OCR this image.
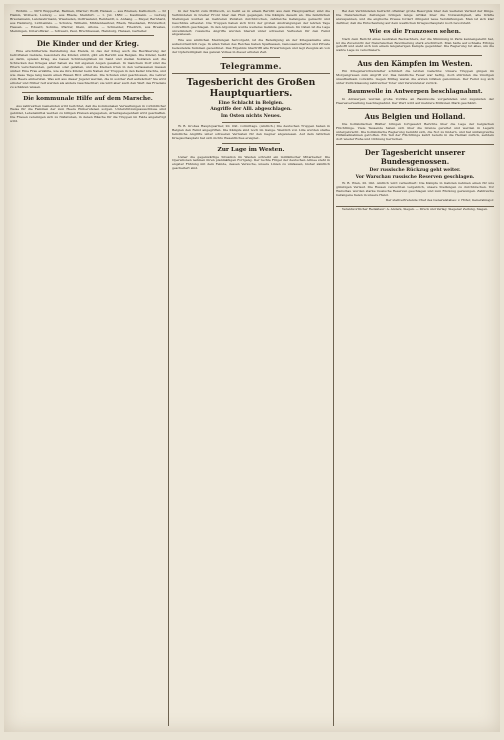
Wöhrm. — 3970 Wuppertal, Barmen, Pfarrer; Wolff, Hansen — aus Bremen, Katholisch. — 32 Hamm, Wolbeck, Ludwig — aus Rhade, Steinfurt. — 1. Jul. 1880 — Kaufmann. — Ludwig Braunsmann, Landwehrmann, Wiesbaden, Ostfriesland, Reinhardt, u. Anhang. — Meyer, Bernhard, aus Hamburg, Lichtenfels. — Schulze, Wilhelm, Mühlenbesitzer, Rhein, Wiesbaden, Hörsterhof, Hessen. — Eduard, Sohnke, Pfarrer, Klein, Altona. — Schneider, Friedrich, aus Breslau, Meiningen, Unteroffizier. — Schwarz, Paul, Bruchhausen, Hamburg, Hansen, Gefreiter.

Die Kinder und der Krieg.

Eine erschütternde Darstellung des Elends, in das der Krieg auch die Bevölkerung der betroffenen Gebiete, besonders die Kinder, stürzt, gibt ein Bericht aus Belgien. Die Kinder, heißt es darin, spielen Krieg, sie bauen Schützengräben im Sand und stellen Soldaten auf; die Schrecken des Krieges aber haben sie mit eigenen Augen gesehen. In manchem Dorf sind die Eltern verschwunden, geflohen oder gefallen, und die Kleinen irren in den verlassenen Gassen umher. Eine Frau erzählte, wie sie ihre Kinder beim Nahen der Truppen in den Keller brachte, und wie diese Tage lang kaum einen Bissen Brot erhielten. Die Schulen sind geschlossen, die Lehrer zum Heere einberufen. Was soll aus dieser Jugend werden, die in solcher Zeit aufwächst? Sie wird ernster und früher reif werden als andere Geschlechter; sie wird aber auch den Wert des Friedens zu schätzen wissen.

Die kommunale Hilfe auf dem Marsche.

Aus zahlreichen Gemeinden wird berichtet, daß die kommunalen Verwaltungen in vorbildlicher Weise für die Familien der zum Heere Einberufenen sorgen. Unterstützungsausschüsse sind gebildet, Lebensmittel werden zu billigen Preisen abgegeben, Arbeitsgelegenheit wird geschaffen. Die Frauen vereinigen sich zu Nähstuben, in denen Wäsche für die Truppen im Felde angefertigt wird.

In der Nacht zum Mittwoch, so heißt es in einem Bericht aus dem Hauptquartier, sind die Verbündeten in breiter Front über den Fluß gegangen. Die Kämpfe dauern an. Die feindlichen Stellungen wurden an mehreren Punkten durchbrochen, zahlreiche Gefangene gemacht und Geschütze erbeutet. Die Truppen haben sich trotz der großen Anstrengungen der letzten Tage vortrefflich geschlagen. In den Argonnen wurde weiteres Gelände gewonnen. Im Osten ist die Lage unverändert; russische Angriffe wurden überall unter schweren Verlusten für den Feind abgewiesen.

Wie aus amtlichen Meldungen hervorgeht, ist die Beteiligung an der Kriegsanleihe eine außerordentlich rege. In allen Teilen des Reiches haben Sparkassen, Genossenschaften und Private bedeutende Summen gezeichnet. Das Ergebnis übertrifft alle Erwartungen und legt Zeugnis ab von der Opferwilligkeit des ganzen Volkes in dieser ernsten Zeit.

Telegramme.
Tagesbericht des Großen Hauptquartiers.
Eine Schlacht in Belgien.
Angriffe der Alli. abgeschlagen.
Im Osten nichts Neues.

W. B. Großes Hauptquartier, 20. Okt. vormittags. (Amtlich.) Die deutschen Truppen haben in Belgien den Feind angegriffen. Die Kämpfe sind noch im Gange. Westlich von Lille wurden starke feindliche Angriffe unter schweren Verlusten für den Gegner abgewiesen. Auf dem östlichen Kriegsschauplatz hat sich nichts Wesentliches ereignet.

Zur Lage im Westen.

Ueber die gegenwärtige Situation im Westen schreibt ein militärischer Mitarbeiter: Die Operationen nehmen ihren planmäßigen Fortgang. Der rechte Flügel der deutschen Armee steht in engster Fühlung mit dem Feinde, dessen Versuche, unsere Linien zu umfassen, bisher sämtlich gescheitert sind.

Bei den Verbündeten herrscht offenbar große Besorgnis über den weiteren Verlauf der Dinge. Die französischen Zeitungen bringen lange Artikel über die Notwendigkeit, alle Kräfte anzuspannen, und die englische Presse fordert dringend neue Verstärkungen. Man ist sich klar darüber, daß die Entscheidung auf dem westlichen Kriegsschauplatz noch bevorsteht.

Wie es die Franzosen sehen.

Nach dem Bericht eines neutralen Beobachters, der die Stimmung in Paris kennengelernt hat, ist die Zuversicht der französischen Bevölkerung stark erschüttert. Man hatte auf schnelle Erfolge gehofft und sieht sich nun einem langwierigen Kampfe gegenüber. Die Regierung tut alles, um die wahre Lage zu verschleiern.

Aus den Kämpfen im Westen.

Ein Kriegsberichterstatter schildert die letzten Gefechte: Unsere Truppen gingen im Morgengrauen zum Angriff vor. Das feindliche Feuer war heftig, doch stürmten die Unsrigen unaufhaltsam vorwärts. Gegen Mittag waren die ersten Gräben genommen. Der Feind zog sich unter Zurücklassung zahlreicher Toter und Verwundeter zurück.

Baumwolle in Antwerpen beschlagnahmt.

In Antwerpen wurden große Vorräte an Baumwolle vorgefunden und zugunsten der Heeresverwaltung beschlagnahmt. Der Wert wird auf mehrere Millionen Mark geschätzt.

Aus Belgien und Holland.

Die holländischen Blätter bringen fortgesetzt Berichte über die Lage der belgischen Flüchtlinge. Viele Tausende haben sich über die Grenze gerettet und werden in Lagern untergebracht. Die holländische Regierung bemüht sich, die Not zu lindern, und hat umfangreiche Hilfsmaßnahmen getroffen. Ein Teil der Flüchtlinge kehrt bereits in die Heimat zurück, seitdem dort wieder Ruhe und Ordnung herrschen.

Der Tagesbericht unserer Bundesgenossen.
Der russische Rückzug geht weiter.
Vor Warschau russische Reserven geschlagen.

W. B. Wien, 20. Okt. Amtlich wird verlautbart: Die Kämpfe in Galizien nehmen einen für uns günstigen Verlauf. Die Russen versuchten vergeblich, unsere Stellungen zu durchbrechen. Vor Warschau wurden starke russische Reserven geschlagen und zum Rückzug gezwungen. Zahlreiche Gefangene fielen in unsere Hand.

Der stellvertretende Chef des Generalstabes: v. Höfer, Generalmajor.

Verantwortlicher Redakteur: A. Anders, Siegen. — Druck und Verlag: Siegener Zeitung, Siegen.
